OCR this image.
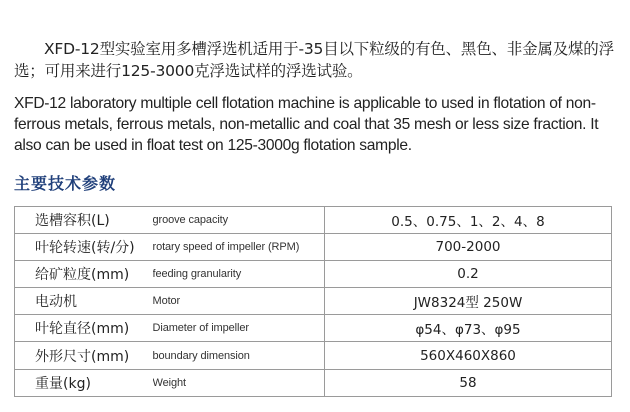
XFD-12型实验室用多槽浮选机适用于-35目以下粒级的有色、黑色、非金属及煤的浮选；可用来进行125-3000克浮选试样的浮选试验。

XFD-12 laboratory multiple cell flotation machine is applicable to used in flotation of non-ferrous metals, ferrous metals, non-metallic and coal that 35 mesh or less size fraction. It also can be used in float test on 125-3000g flotation sample.

主要技术参数
选槽容积(L)	groove capacity	0.5、0.75、1、2、4、8
叶轮转速(转/分)	rotary speed of impeller (RPM)	700-2000
给矿粒度(mm)	feeding granularity	0.2
电动机	Motor	JW8324型 250W
叶轮直径(mm)	Diameter of impeller	φ54、φ73、φ95
外形尺寸(mm)	boundary dimension	560X460X860
重量(kg)	Weight	58
